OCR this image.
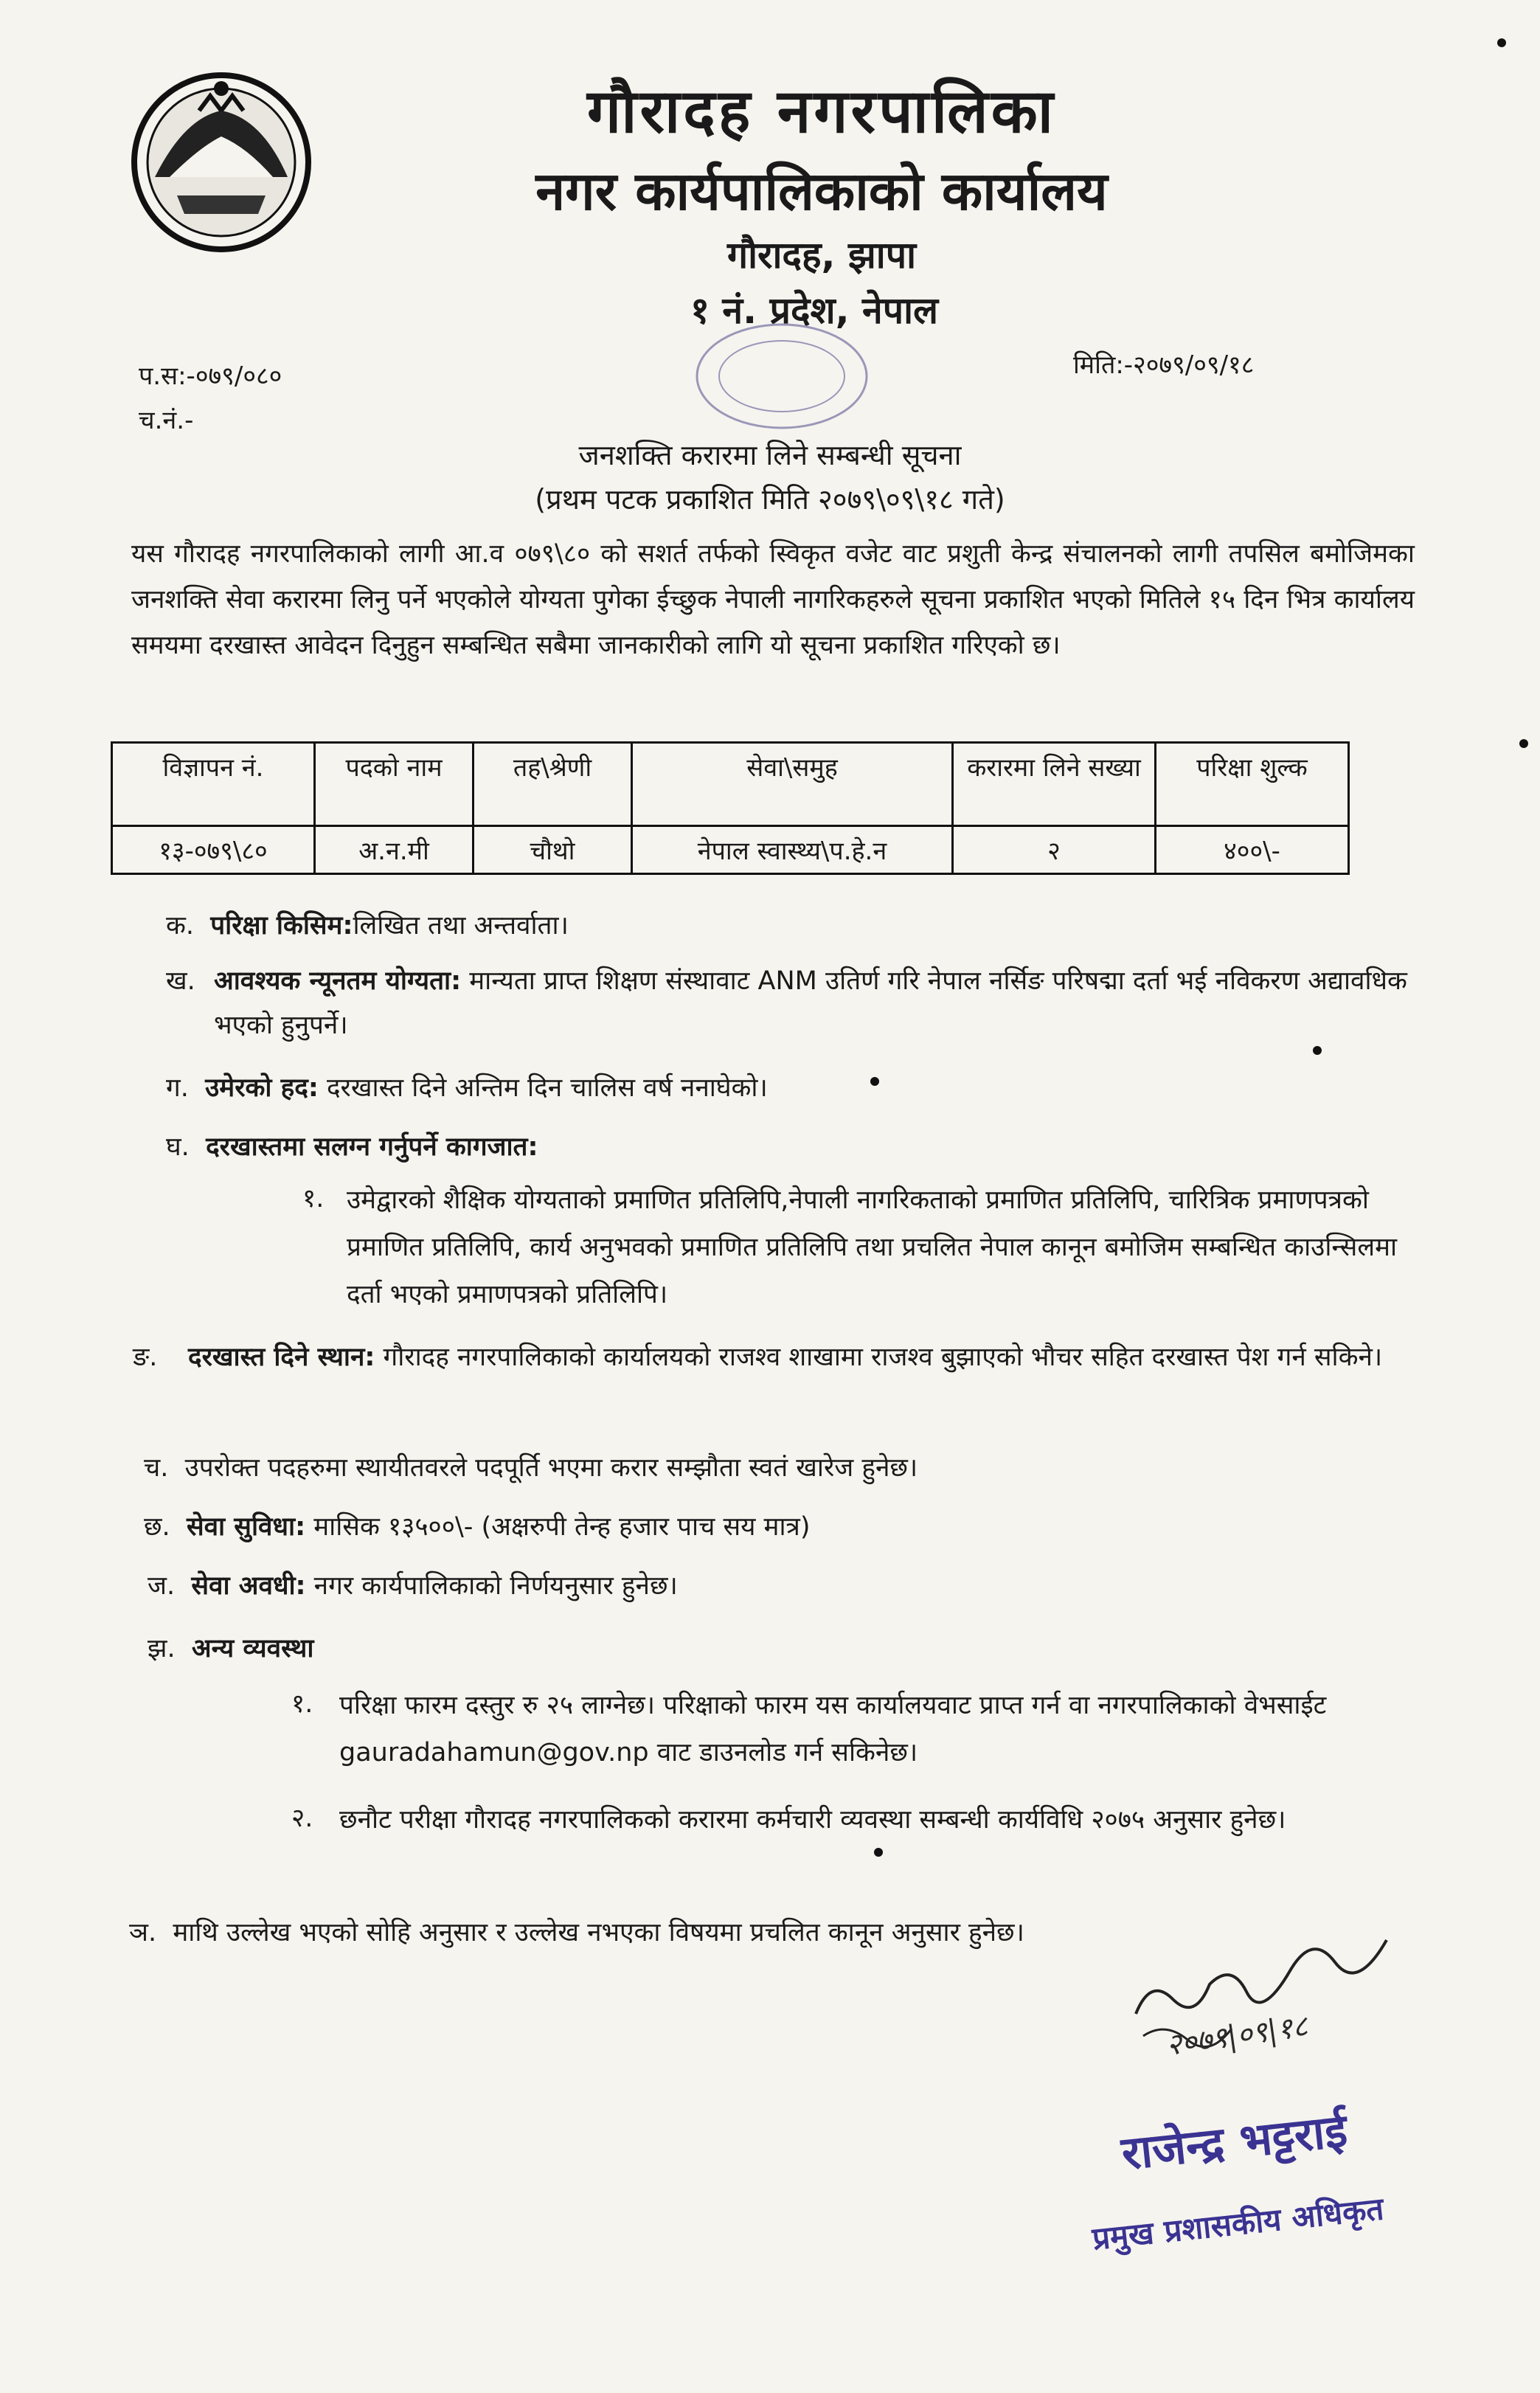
गौरादह नगरपालिका
नगर कार्यपालिकाको कार्यालय
गौरादह, झापा
१ नं. प्रदेश, नेपाल
प.स:-०७९/०८०
च.नं.-
मिति:-२०७९/०९/१८
जनशक्ति करारमा लिने सम्बन्धी सूचना
(प्रथम पटक प्रकाशित मिति २०७९\०९\१८ गते)
यस गौरादह नगरपालिकाको लागी आ.व ०७९\८० को सशर्त तर्फको स्विकृत वजेट वाट प्रशुती केन्द्र संचालनको लागी तपसिल बमोजिमका जनशक्ति सेवा करारमा लिनु पर्ने भएकोले योग्यता पुगेका ईच्छुक नेपाली नागरिकहरुले सूचना प्रकाशित भएको मितिले १५ दिन भित्र कार्यालय समयमा दरखास्त आवेदन दिनुहुन सम्बन्धित सबैमा जानकारीको लागि यो सूचना प्रकाशित गरिएको छ।
विज्ञापन नं.	पदको नाम	तह\श्रेणी	सेवा\समुह	करारमा लिने सख्या	परिक्षा शुल्क
१३-०७९\८०	अ.न.मी	चौथो	नेपाल स्वास्थ्य\प.हे.न	२	४००\-
क. परिक्षा किसिम:लिखित तथा अन्तर्वाता।
ख. आवश्यक न्यूनतम योग्यता: मान्यता प्राप्त शिक्षण संस्थावाट ANM उतिर्ण गरि नेपाल नर्सिङ परिषद्मा दर्ता भई नविकरण अद्यावधिक भएको हुनुपर्ने।
ग. उमेरको हद: दरखास्त दिने अन्तिम दिन चालिस वर्ष ननाघेको।
घ. दरखास्तमा सलग्न गर्नुपर्ने कागजात:
१. उमेद्वारको शैक्षिक योग्यताको प्रमाणित प्रतिलिपि,नेपाली नागरिकताको प्रमाणित प्रतिलिपि, चारित्रिक प्रमाणपत्रको प्रमाणित प्रतिलिपि, कार्य अनुभवको प्रमाणित प्रतिलिपि तथा प्रचलित नेपाल कानून बमोजिम सम्बन्धित काउन्सिलमा दर्ता भएको प्रमाणपत्रको प्रतिलिपि।
ङ. दरखास्त दिने स्थान: गौरादह नगरपालिकाको कार्यालयको राजश्व शाखामा राजश्व बुझाएको भौचर सहित दरखास्त पेश गर्न सकिने।
च. उपरोक्त पदहरुमा स्थायीतवरले पदपूर्ति भएमा करार सम्झौता स्वतं खारेज हुनेछ।
छ. सेवा सुविधा: मासिक १३५००\- (अक्षरुपी तेन्ह हजार पाच सय मात्र)
ज. सेवा अवधी: नगर कार्यपालिकाको निर्णयनुसार हुनेछ।
झ. अन्य व्यवस्था
१. परिक्षा फारम दस्तुर रु २५ लाग्नेछ। परिक्षाको फारम यस कार्यालयवाट प्राप्त गर्न वा नगरपालिकाको वेभसाईट gauradahamun@gov.np वाट डाउनलोड गर्न सकिनेछ।
२. छनौट परीक्षा गौरादह नगरपालिकको करारमा कर्मचारी व्यवस्था सम्बन्धी कार्यविधि २०७५ अनुसार हुनेछ।
ञ. माथि उल्लेख भएको सोहि अनुसार र उल्लेख नभएका विषयमा प्रचलित कानून अनुसार हुनेछ।
२०७९|०९|१८
राजेन्द्र भट्टराई
प्रमुख प्रशासकीय अधिकृत
